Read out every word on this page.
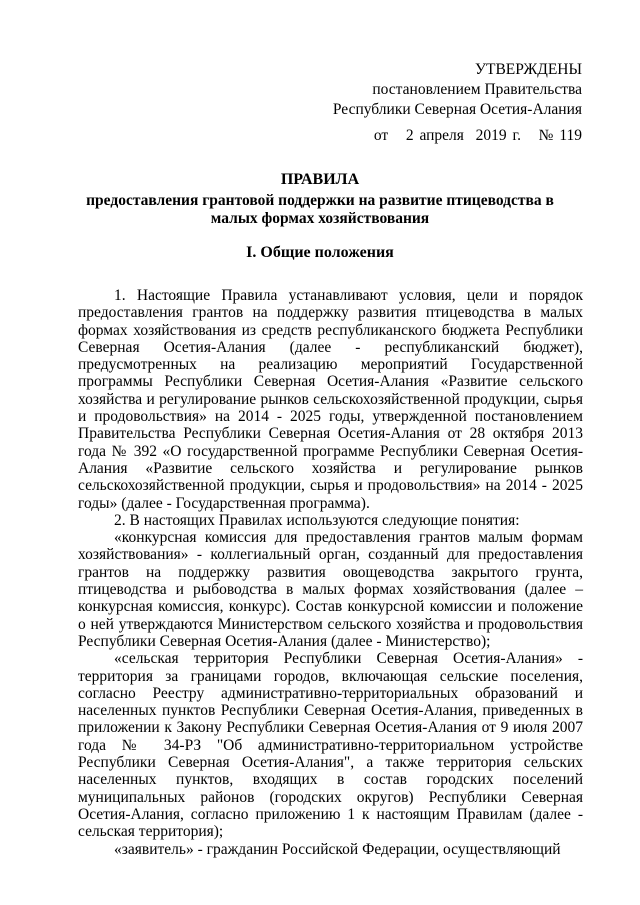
УТВЕРЖДЕНЫ
постановлением Правительства
Республики Северная Осетия-Алания
от   2 апреля  2019 г.   № 119
ПРАВИЛА
предоставления грантовой поддержки на развитие птицеводства в малых формах хозяйствования
I. Общие положения

1. Настоящие Правила устанавливают условия, цели и порядок предоставления грантов на поддержку развития птицеводства в малых формах хозяйствования из средств республиканского бюджета Республики Северная Осетия-Алания (далее - республиканский бюджет), предусмотренных на реализацию мероприятий Государственной программы Республики Северная Осетия-Алания «Развитие сельского хозяйства и регулирование рынков сельскохозяйственной продукции, сырья и продовольствия» на 2014 - 2025 годы, утвержденной постановлением Правительства Республики Северная Осетия-Алания от 28 октября 2013 года № 392 «О государственной программе Республики Северная Осетия-Алания «Развитие сельского хозяйства и регулирование рынков сельскохозяйственной продукции, сырья и продовольствия» на 2014 - 2025 годы» (далее - Государственная программа).

2. В настоящих Правилах используются следующие понятия:

«конкурсная комиссия для предоставления грантов малым формам хозяйствования» - коллегиальный орган, созданный для предоставления грантов на поддержку развития овощеводства закрытого грунта, птицеводства и рыбоводства в малых формах хозяйствования (далее – конкурсная комиссия, конкурс). Состав конкурсной комиссии и положение о ней утверждаются Министерством сельского хозяйства и продовольствия Республики Северная Осетия-Алания (далее - Министерство);

«сельская территория Республики Северная Осетия-Алания» - территория за границами городов, включающая сельские поселения, согласно Реестру административно-территориальных образований и населенных пунктов Республики Северная Осетия-Алания, приведенных в приложении к Закону Республики Северная Осетия-Алания от 9 июля 2007 года № 34-РЗ "Об административно-территориальном устройстве Республики Северная Осетия-Алания", а также территория сельских населенных пунктов, входящих в состав городских поселений муниципальных районов (городских округов) Республики Северная Осетия-Алания, согласно приложению 1 к настоящим Правилам (далее - сельская территория);

«заявитель» - гражданин Российской Федерации, осуществляющий
